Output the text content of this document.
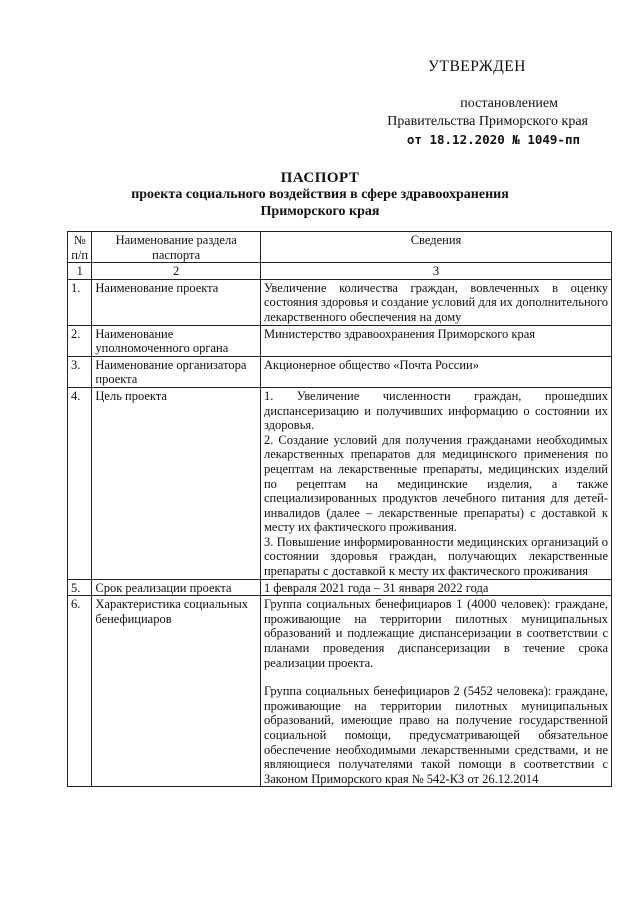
УТВЕРЖДЕН
постановлением
Правительства Приморского края
от 18.12.2020 № 1049-пп
ПАСПОРТ
проекта социального воздействия в сфере здравоохранения
Приморского края
№ п/п	Наименование раздела паспорта	Сведения
1	2	3
1.	Наименование проекта	Увеличение количества граждан, вовлеченных в оценку состояния здоровья и создание условий для их дополнительного лекарственного обеспечения на дому

2.	Наименование уполномоченного органа	Министерство здравоохранения Приморского края

3.	Наименование организатора проекта	Акционерное общество «Почта России»

4.	Цель проекта	1. Увеличение численности граждан, прошедших диспансеризацию и получивших информацию о состоянии их здоровья.
2. Создание условий для получения гражданами необходимых лекарственных препаратов для медицинского применения по рецептам на лекарственные препараты, медицинских изделий по рецептам на медицинские изделия, а также специализированных продуктов лечебного питания для детей-инвалидов (далее – лекарственные препараты) с доставкой к месту их фактического проживания.
3. Повышение информированности медицинских организаций о состоянии здоровья граждан, получающих лекарственные препараты с доставкой к месту их фактического проживания

5.	Срок реализации проекта	1 февраля 2021 года – 31 января 2022 года

6.	Характеристика социальных бенефициаров	Группа социальных бенефициаров 1 (4000 человек): граждане, проживающие на территории пилотных муниципальных образований и подлежащие диспансеризации в соответствии с планами проведения диспансеризации в течение срока реализации проекта.
Группа социальных бенефициаров 2 (5452 человека): граждане, проживающие на территории пилотных муниципальных образований, имеющие право на получение государственной социальной помощи, предусматривающей обязательное обеспечение необходимыми лекарственными средствами, и не являющиеся получателями такой помощи в соответствии с Законом Приморского края № 542-КЗ от 26.12.2014
